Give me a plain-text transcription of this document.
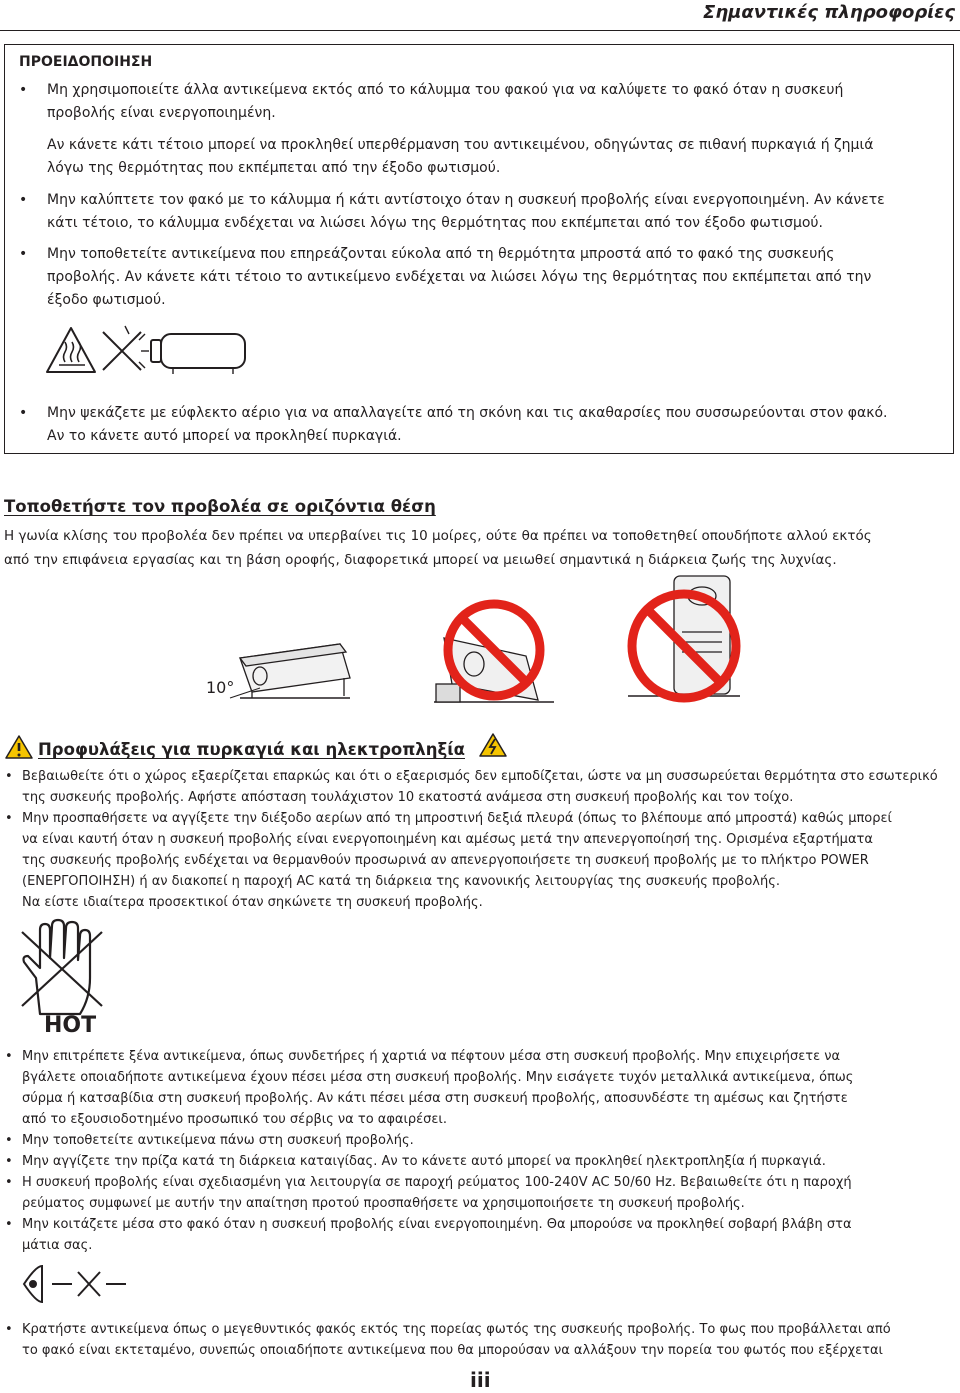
Σημαντικές πληροφορίες
ΠΡΟΕΙΔΟΠΟΙΗΣΗ
• Μη χρησιμοποιείτε άλλα αντικείμενα εκτός από το κάλυμμα του φακού για να καλύψετε το φακό όταν η συσκευή
προβολής είναι ενεργοποιημένη.
Αν κάνετε κάτι τέτοιο μπορεί να προκληθεί υπερθέρμανση του αντικειμένου, οδηγώντας σε πιθανή πυρκαγιά ή ζημιά
λόγω της θερμότητας που εκπέμπεται από την έξοδο φωτισμού.
• Μην καλύπτετε τον φακό με το κάλυμμα ή κάτι αντίστοιχο όταν η συσκευή προβολής είναι ενεργοποιημένη. Αν κάνετε
κάτι τέτοιο, το κάλυμμα ενδέχεται να λιώσει λόγω της θερμότητας που εκπέμπεται από τον έξοδο φωτισμού.
• Μην τοποθετείτε αντικείμενα που επηρεάζονται εύκολα από τη θερμότητα μπροστά από το φακό της συσκευής
προβολής. Αν κάνετε κάτι τέτοιο το αντικείμενο ενδέχεται να λιώσει λόγω της θερμότητας που εκπέμπεται από την
έξοδο φωτισμού.
• Μην ψεκάζετε με εύφλεκτο αέριο για να απαλλαγείτε από τη σκόνη και τις ακαθαρσίες που συσσωρεύονται στον φακό.
Αν το κάνετε αυτό μπορεί να προκληθεί πυρκαγιά.
Τοποθετήστε τον προβολέα σε οριζόντια θέση
Η γωνία κλίσης του προβολέα δεν πρέπει να υπερβαίνει τις 10 μοίρες, ούτε θα πρέπει να τοποθετηθεί οπουδήποτε αλλού εκτός
από την επιφάνεια εργασίας και τη βάση οροφής, διαφορετικά μπορεί να μειωθεί σημαντικά η διάρκεια ζωής της λυχνίας.
10°
Προφυλάξεις για πυρκαγιά και ηλεκτροπληξία
• Βεβαιωθείτε ότι ο χώρος εξαερίζεται επαρκώς και ότι ο εξαερισμός δεν εμποδίζεται, ώστε να μη συσσωρεύεται θερμότητα στο εσωτερικό
της συσκευής προβολής. Αφήστε απόσταση τουλάχιστον 10 εκατοστά ανάμεσα στη συσκευή προβολής και τον τοίχο.
• Μην προσπαθήσετε να αγγίξετε την διέξοδο αερίων από τη μπροστινή δεξιά πλευρά (όπως το βλέπουμε από μπροστά) καθώς μπορεί
να είναι καυτή όταν η συσκευή προβολής είναι ενεργοποιημένη και αμέσως μετά την απενεργοποίησή της. Ορισμένα εξαρτήματα
της συσκευής προβολής ενδέχεται να θερμανθούν προσωρινά αν απενεργοποιήσετε τη συσκευή προβολής με το πλήκτρο POWER
(ΕΝΕΡΓΟΠΟΙΗΣΗ) ή αν διακοπεί η παροχή AC κατά τη διάρκεια της κανονικής λειτουργίας της συσκευής προβολής.
Να είστε ιδιαίτερα προσεκτικοί όταν σηκώνετε τη συσκευή προβολής.
HOT
• Μην επιτρέπετε ξένα αντικείμενα, όπως συνδετήρες ή χαρτιά να πέφτουν μέσα στη συσκευή προβολής. Μην επιχειρήσετε να
βγάλετε οποιαδήποτε αντικείμενα έχουν πέσει μέσα στη συσκευή προβολής. Μην εισάγετε τυχόν μεταλλικά αντικείμενα, όπως
σύρμα ή κατσαβίδια στη συσκευή προβολής. Αν κάτι πέσει μέσα στη συσκευή προβολής, αποσυνδέστε τη αμέσως και ζητήστε
από το εξουσιοδοτημένο προσωπικό του σέρβις να το αφαιρέσει.
• Μην τοποθετείτε αντικείμενα πάνω στη συσκευή προβολής.
• Μην αγγίζετε την πρίζα κατά τη διάρκεια καταιγίδας. Αν το κάνετε αυτό μπορεί να προκληθεί ηλεκτροπληξία ή πυρκαγιά.
• Η συσκευή προβολής είναι σχεδιασμένη για λειτουργία σε παροχή ρεύματος 100-240V AC 50/60 Hz. Βεβαιωθείτε ότι η παροχή
ρεύματος συμφωνεί με αυτήν την απαίτηση προτού προσπαθήσετε να χρησιμοποιήσετε τη συσκευή προβολής.
• Μην κοιτάζετε μέσα στο φακό όταν η συσκευή προβολής είναι ενεργοποιημένη. Θα μπορούσε να προκληθεί σοβαρή βλάβη στα
μάτια σας.
• Κρατήστε αντικείμενα όπως ο μεγεθυντικός φακός εκτός της πορείας φωτός της συσκευής προβολής. Το φως που προβάλλεται από
το φακό είναι εκτεταμένο, συνεπώς οποιαδήποτε αντικείμενα που θα μπορούσαν να αλλάξουν την πορεία του φωτός που εξέρχεται
iii
